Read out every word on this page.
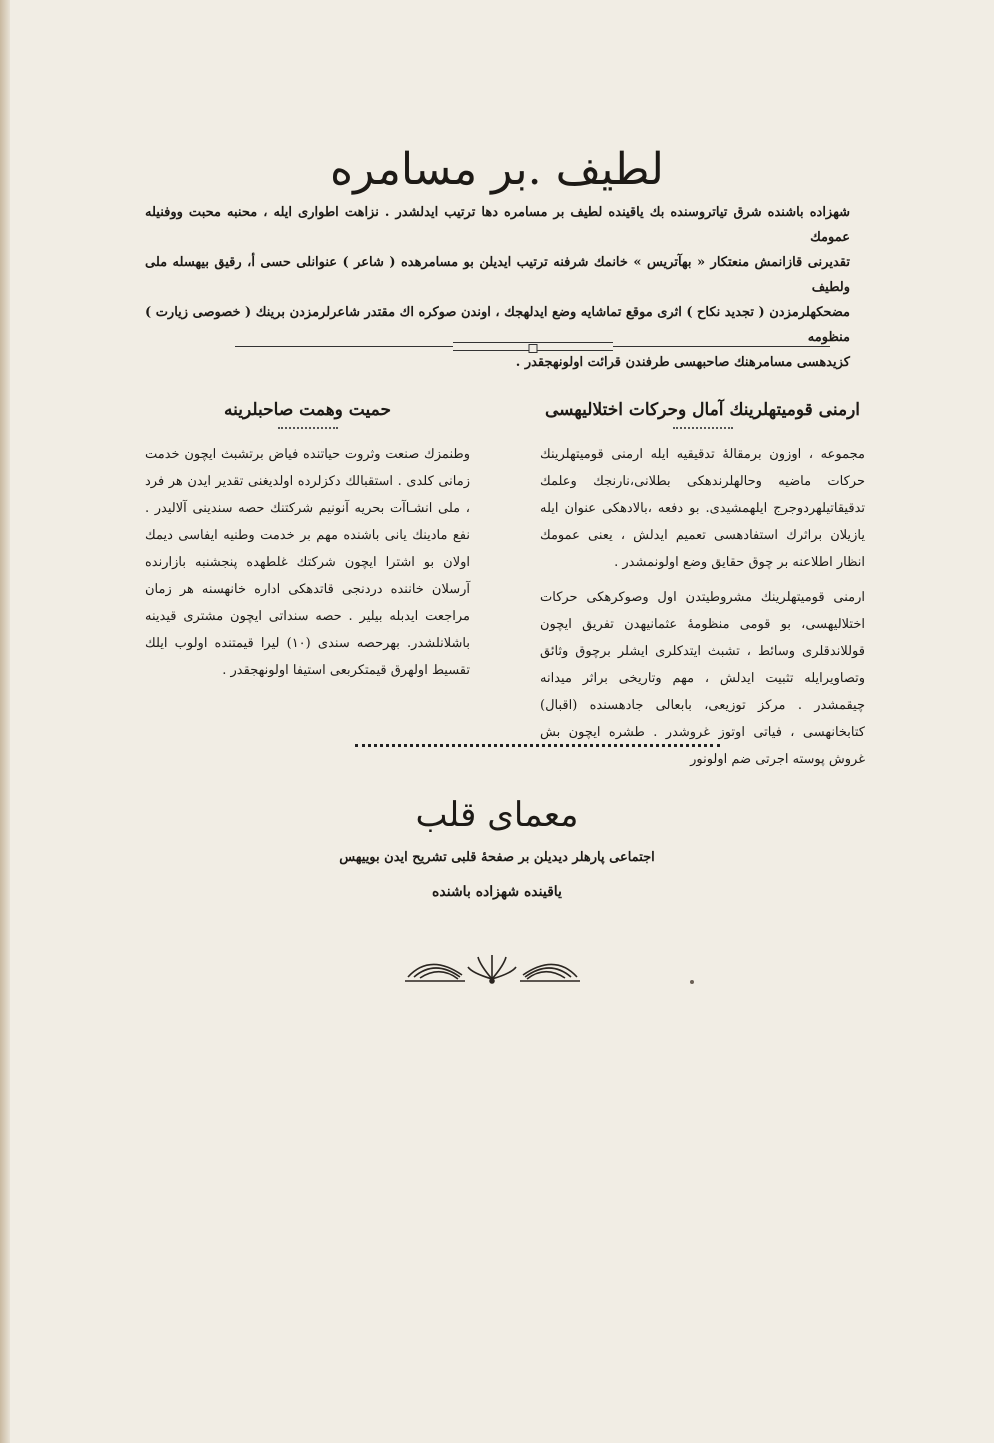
لطيف .بر مسامره

شهزاده باشنده شرق تياتروسنده بك ياقينده لطيف بر مسامره دها ترتيب ايدلشدر . نزاهت اطوارى ايله ، محنبه محبت ووفنيله عمومك

تقديرنى قازانمش منعتكار « بهآتريس » خانمك شرفنه ترتيب ايديلن بو مسامرهده ( شاعر ) عنوانلى حسى أ، رقيق بيهسله ملى ولطيف

مضحكهلرمزدن ( تجديد نكاح ) اثرى موقع تماشايه وضع ايدلهجك ، اوندن صوكره اك مقتدر شاعرلرمزدن برينك ( خصوصى زيارت ) منظومه

كزيدهسى مسامرهنك صاحبهسى طرفندن قرائت اولونهجقدر .

ارمنى قوميتهلرينك آمال وحركات اختلاليهسى

مجموعه ، اوزون برمقالهٔ تدقيقيه ايله ارمنى قوميتهلرينك حركات ماضيه وحالهلرندهكى بطلانى،نارنجك وعلمك تدقيقاتيلهردوجرج ايلهمشيدى. بو دفعه ،بالادهكى عنوان ايله يازيلان براثرك استفادهسى تعميم ايدلش ، يعنى عمومك انظار اطلاعنه بر چوق حقايق وضع اولونمشدر .

ارمنى قوميتهلرينك مشروطيتدن اول وصوكرهكى حركات اختلاليهسى، بو قومى منظومهٔ عثمانيهدن تفريق ايچون قوللاندقلرى وسائط ، تشبث ايتدكلرى ايشلر برچوق وثائق وتصاويرايله تثبيت ايدلش ، مهم وتاريخى براثر ميدانه چيقمشدر . مركز توزيعى، بابعالى جادهسنده (اقبال) كتابخانهسى ، فياتى اوتوز غروشدر . طشره ايچون بش غروش پوسته اجرتى ضم اولونور

حميت وهمت صاحبلرينه

وطنمزك صنعت وثروت حياتنده فياض برتشبث ايچون خدمت زمانى كلدى . استقبالك دكزلرده اولديغنى تقدير ايدن هر فرد ، ملى انشـاآت بحريه آنونيم شركتنك حصه سندينى آلاليدر . نفع مادينك يانى باشنده مهم بر خدمت وطنيه ايفاسى ديمك اولان بو اشترا ايچون شركتك غلطهده پنجشنبه بازارنده آرسلان خاننده دردنجى قاتدهكى اداره خانهسنه هر زمان مراجعت ايدبله بيلير . حصه سنداتى ايچون مشترى قيدينه باشلانلشدر. بهرحصه سندى (١٠) ليرا قيمتنده اولوب ايلك تقسيط اولهرق قيمتكربعى استيفا اولونهجقدر .

معمای قلب
اجتماعى پارهلر ديديلن بر صفحهٔ قلبى تشريح ايدن بوييهس
ياقينده شهزاده باشنده
